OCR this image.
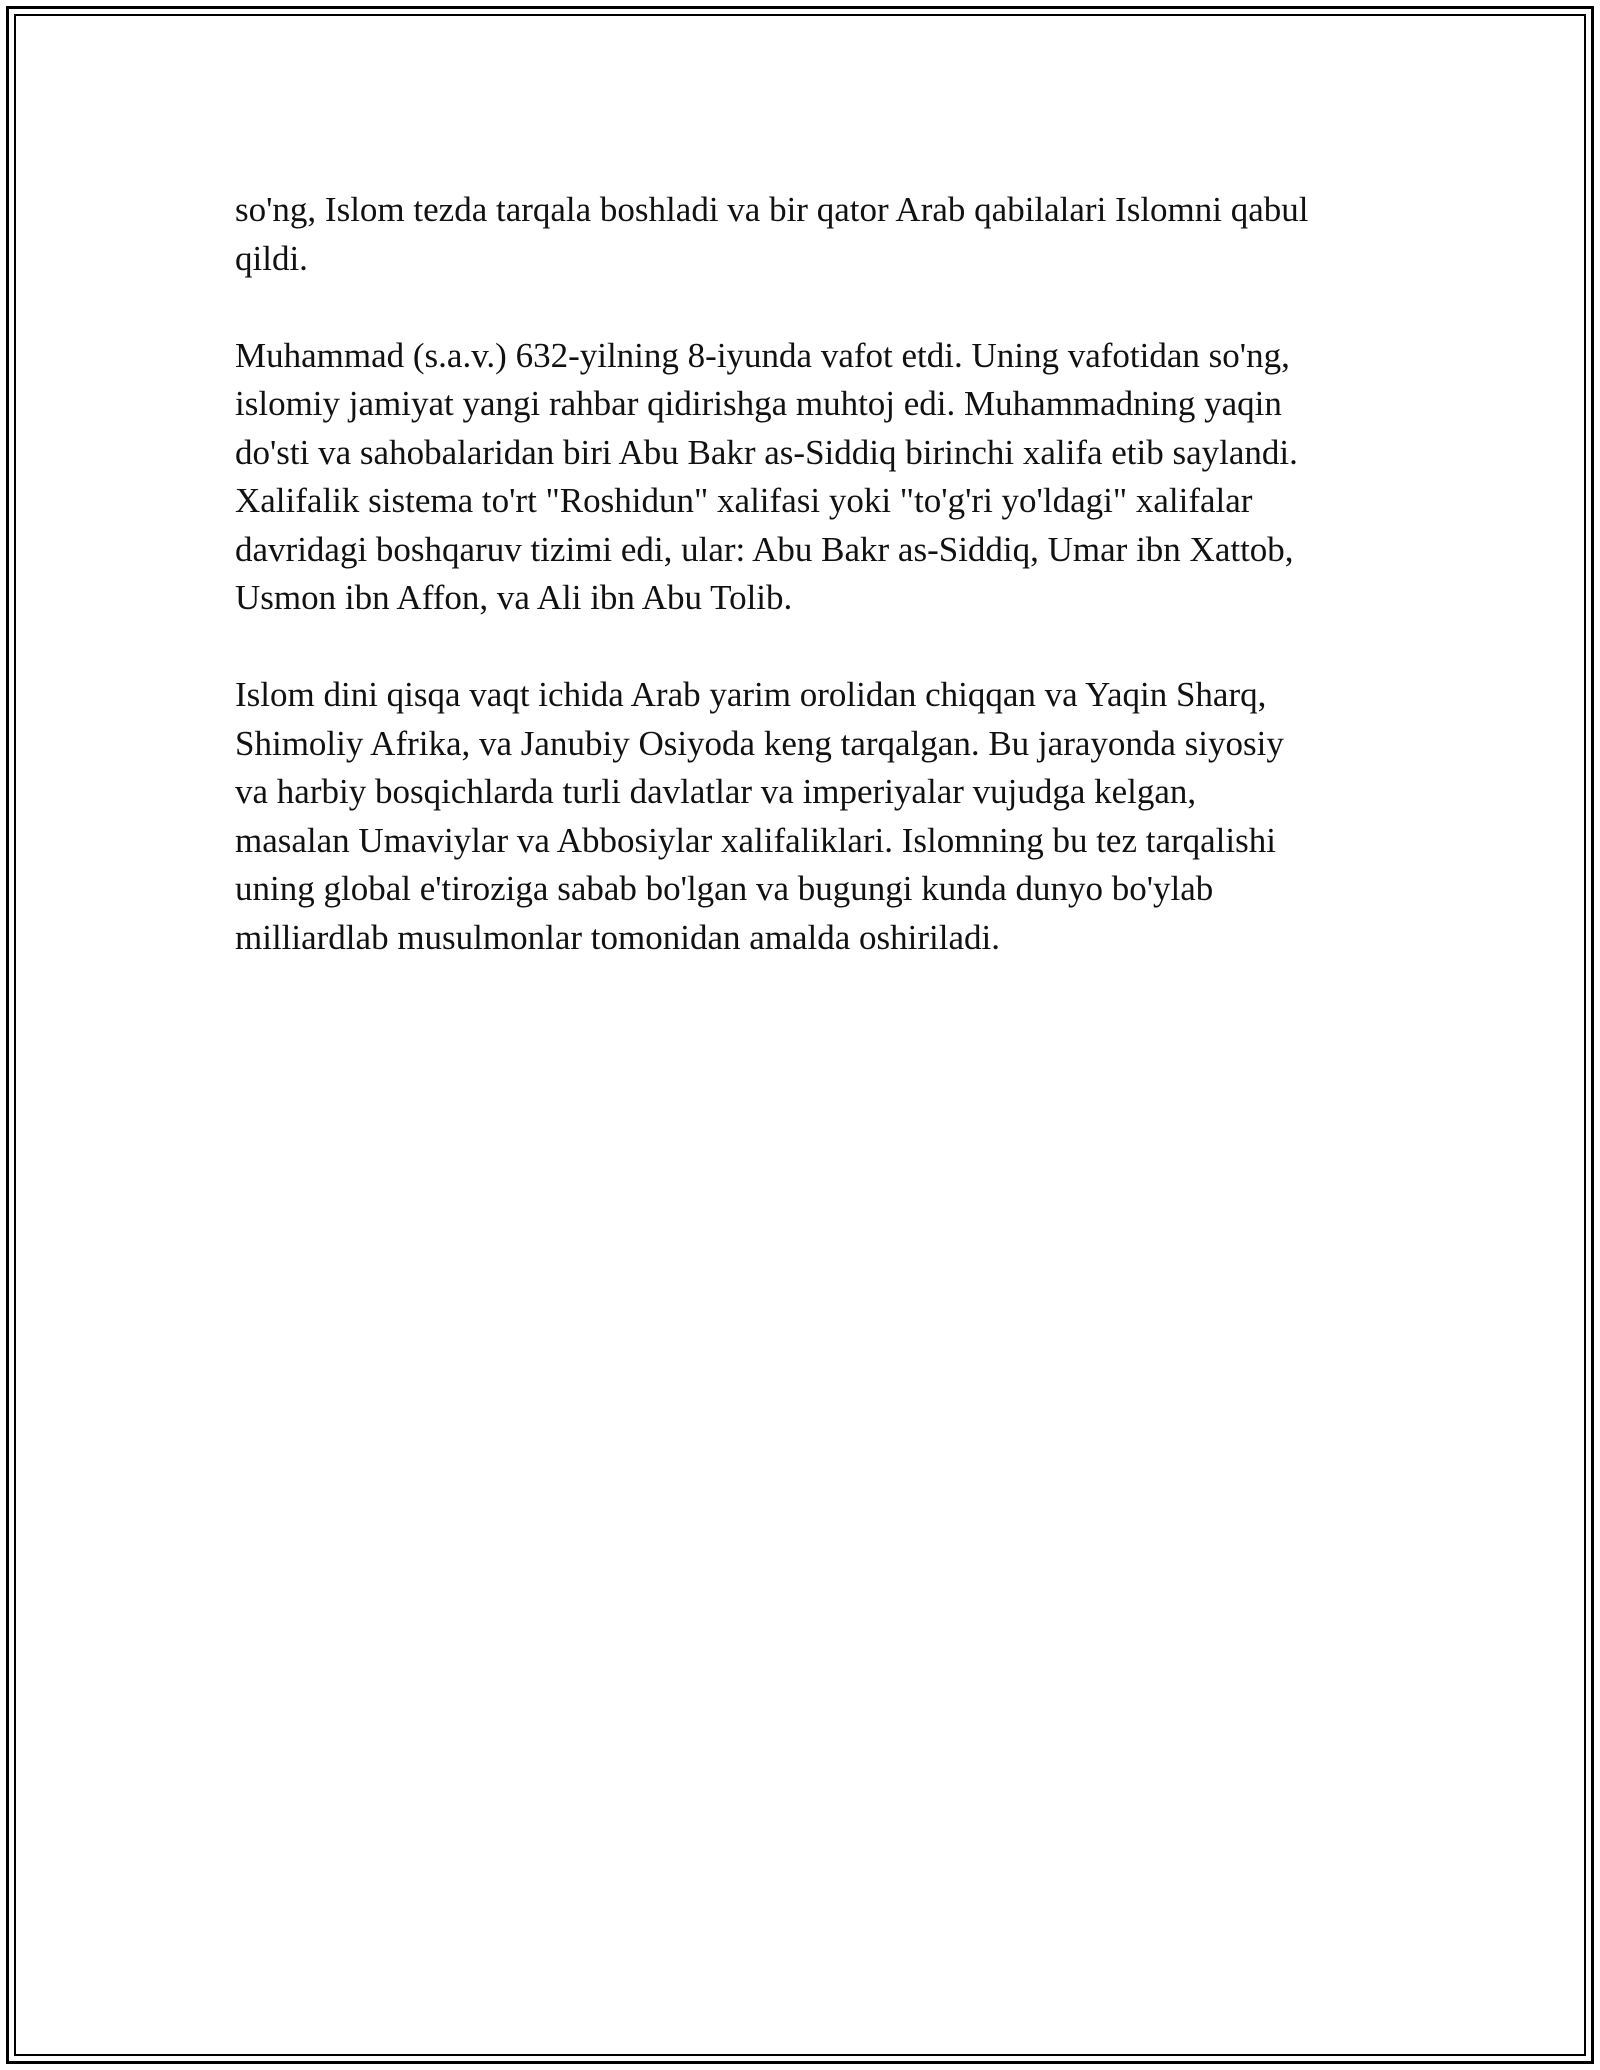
so'ng, Islom tezda tarqala boshladi va bir qator Arab qabilalari Islomni qabul
qildi.

Muhammad (s.a.v.) 632-yilning 8-iyunda vafot etdi. Uning vafotidan so'ng,
islomiy jamiyat yangi rahbar qidirishga muhtoj edi. Muhammadning yaqin
do'sti va sahobalaridan biri Abu Bakr as-Siddiq birinchi xalifa etib saylandi.
Xalifalik sistema to'rt "Roshidun" xalifasi yoki "to'g'ri yo'ldagi" xalifalar
davridagi boshqaruv tizimi edi, ular: Abu Bakr as-Siddiq, Umar ibn Xattob,
Usmon ibn Affon, va Ali ibn Abu Tolib.

Islom dini qisqa vaqt ichida Arab yarim orolidan chiqqan va Yaqin Sharq,
Shimoliy Afrika, va Janubiy Osiyoda keng tarqalgan. Bu jarayonda siyosiy
va harbiy bosqichlarda turli davlatlar va imperiyalar vujudga kelgan,
masalan Umaviylar va Abbosiylar xalifaliklari. Islomning bu tez tarqalishi
uning global e'tiroziga sabab bo'lgan va bugungi kunda dunyo bo'ylab
milliardlab musulmonlar tomonidan amalda oshiriladi.
